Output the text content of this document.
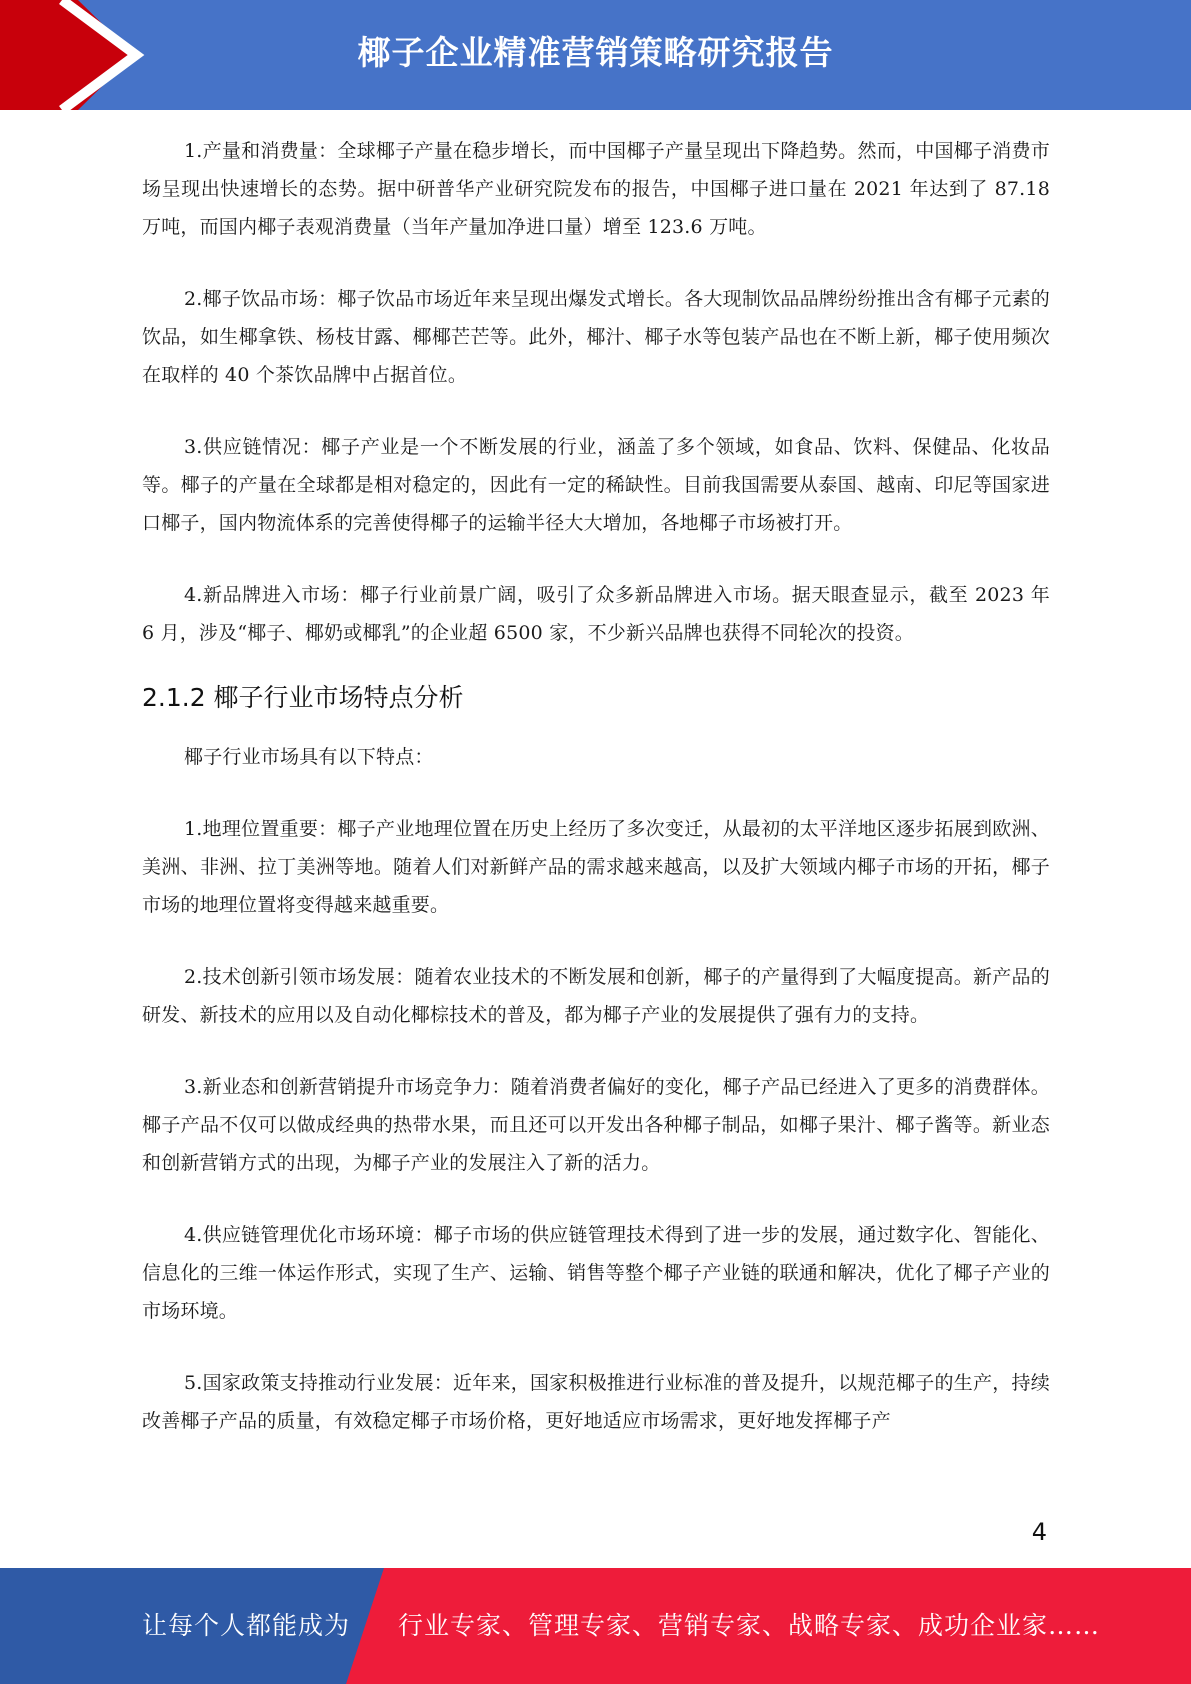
椰子企业精准营销策略研究报告

1.产量和消费量：全球椰子产量在稳步增长，而中国椰子产量呈现出下降趋势。然而，中国椰子消费市场呈现出快速增长的态势。据中研普华产业研究院发布的报告，中国椰子进口量在 2021 年达到了 87.18 万吨，而国内椰子表观消费量（当年产量加净进口量）增至 123.6 万吨。

2.椰子饮品市场：椰子饮品市场近年来呈现出爆发式增长。各大现制饮品品牌纷纷推出含有椰子元素的饮品，如生椰拿铁、杨枝甘露、椰椰芒芒等。此外，椰汁、椰子水等包装产品也在不断上新，椰子使用频次在取样的 40 个茶饮品牌中占据首位。

3.供应链情况：椰子产业是一个不断发展的行业，涵盖了多个领域，如食品、饮料、保健品、化妆品等。椰子的产量在全球都是相对稳定的，因此有一定的稀缺性。目前我国需要从泰国、越南、印尼等国家进口椰子，国内物流体系的完善使得椰子的运输半径大大增加，各地椰子市场被打开。

4.新品牌进入市场：椰子行业前景广阔，吸引了众多新品牌进入市场。据天眼查显示，截至 2023 年 6 月，涉及“椰子、椰奶或椰乳”的企业超 6500 家，不少新兴品牌也获得不同轮次的投资。

2.1.2 椰子行业市场特点分析

椰子行业市场具有以下特点：

1.地理位置重要：椰子产业地理位置在历史上经历了多次变迁，从最初的太平洋地区逐步拓展到欧洲、美洲、非洲、拉丁美洲等地。随着人们对新鲜产品的需求越来越高，以及扩大领域内椰子市场的开拓，椰子市场的地理位置将变得越来越重要。

2.技术创新引领市场发展：随着农业技术的不断发展和创新，椰子的产量得到了大幅度提高。新产品的研发、新技术的应用以及自动化椰棕技术的普及，都为椰子产业的发展提供了强有力的支持。

3.新业态和创新营销提升市场竞争力：随着消费者偏好的变化，椰子产品已经进入了更多的消费群体。椰子产品不仅可以做成经典的热带水果，而且还可以开发出各种椰子制品，如椰子果汁、椰子酱等。新业态和创新营销方式的出现，为椰子产业的发展注入了新的活力。

4.供应链管理优化市场环境：椰子市场的供应链管理技术得到了进一步的发展，通过数字化、智能化、信息化的三维一体运作形式，实现了生产、运输、销售等整个椰子产业链的联通和解决，优化了椰子产业的市场环境。

5.国家政策支持推动行业发展：近年来，国家积极推进行业标准的普及提升，以规范椰子的生产，持续改善椰子产品的质量，有效稳定椰子市场价格，更好地适应市场需求，更好地发挥椰子产

4
让每个人都能成为 行业专家、管理专家、营销专家、战略专家、成功企业家……
